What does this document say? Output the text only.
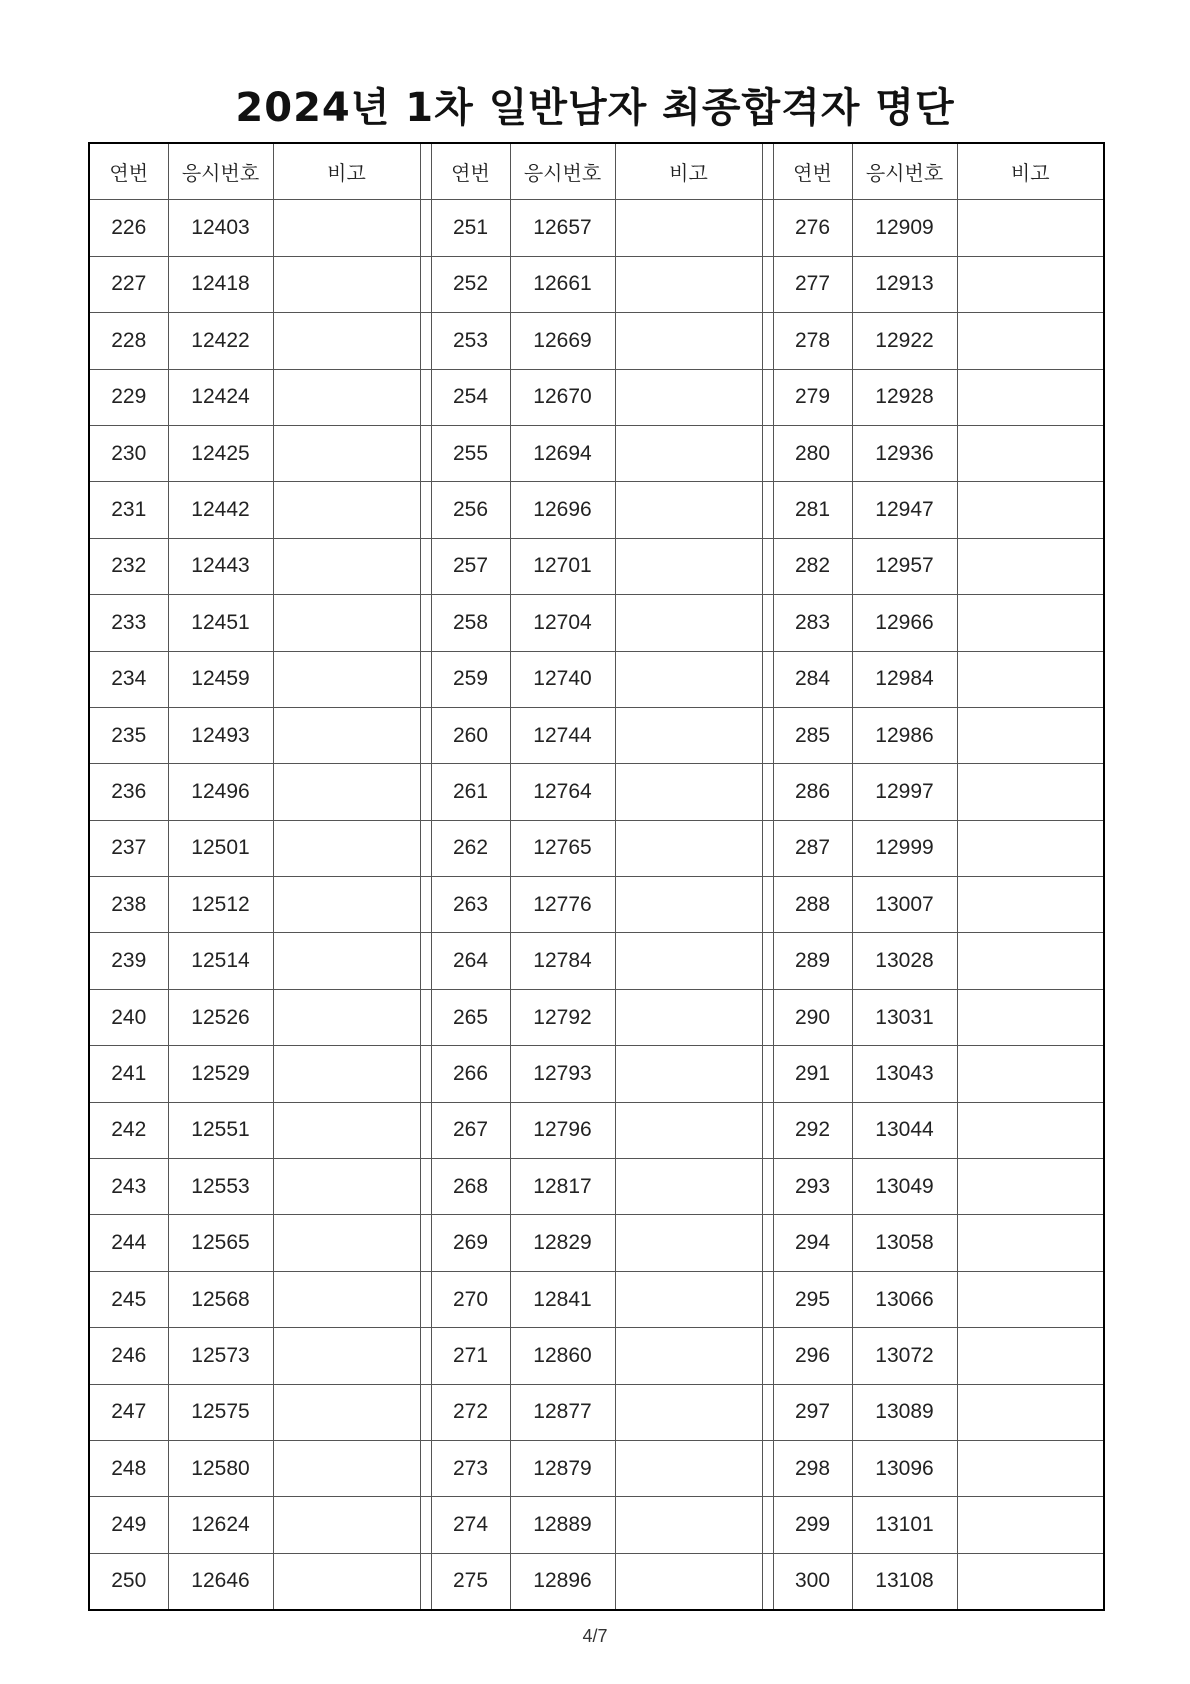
2024년 1차 일반남자 최종합격자 명단
연번	응시번호	비고		연번	응시번호	비고		연번	응시번호	비고
226	12403			251	12657			276	12909	
227	12418			252	12661			277	12913	
228	12422			253	12669			278	12922	
229	12424			254	12670			279	12928	
230	12425			255	12694			280	12936	
231	12442			256	12696			281	12947	
232	12443			257	12701			282	12957	
233	12451			258	12704			283	12966	
234	12459			259	12740			284	12984	
235	12493			260	12744			285	12986	
236	12496			261	12764			286	12997	
237	12501			262	12765			287	12999	
238	12512			263	12776			288	13007	
239	12514			264	12784			289	13028	
240	12526			265	12792			290	13031	
241	12529			266	12793			291	13043	
242	12551			267	12796			292	13044	
243	12553			268	12817			293	13049	
244	12565			269	12829			294	13058	
245	12568			270	12841			295	13066	
246	12573			271	12860			296	13072	
247	12575			272	12877			297	13089	
248	12580			273	12879			298	13096	
249	12624			274	12889			299	13101	
250	12646			275	12896			300	13108	
4/7
